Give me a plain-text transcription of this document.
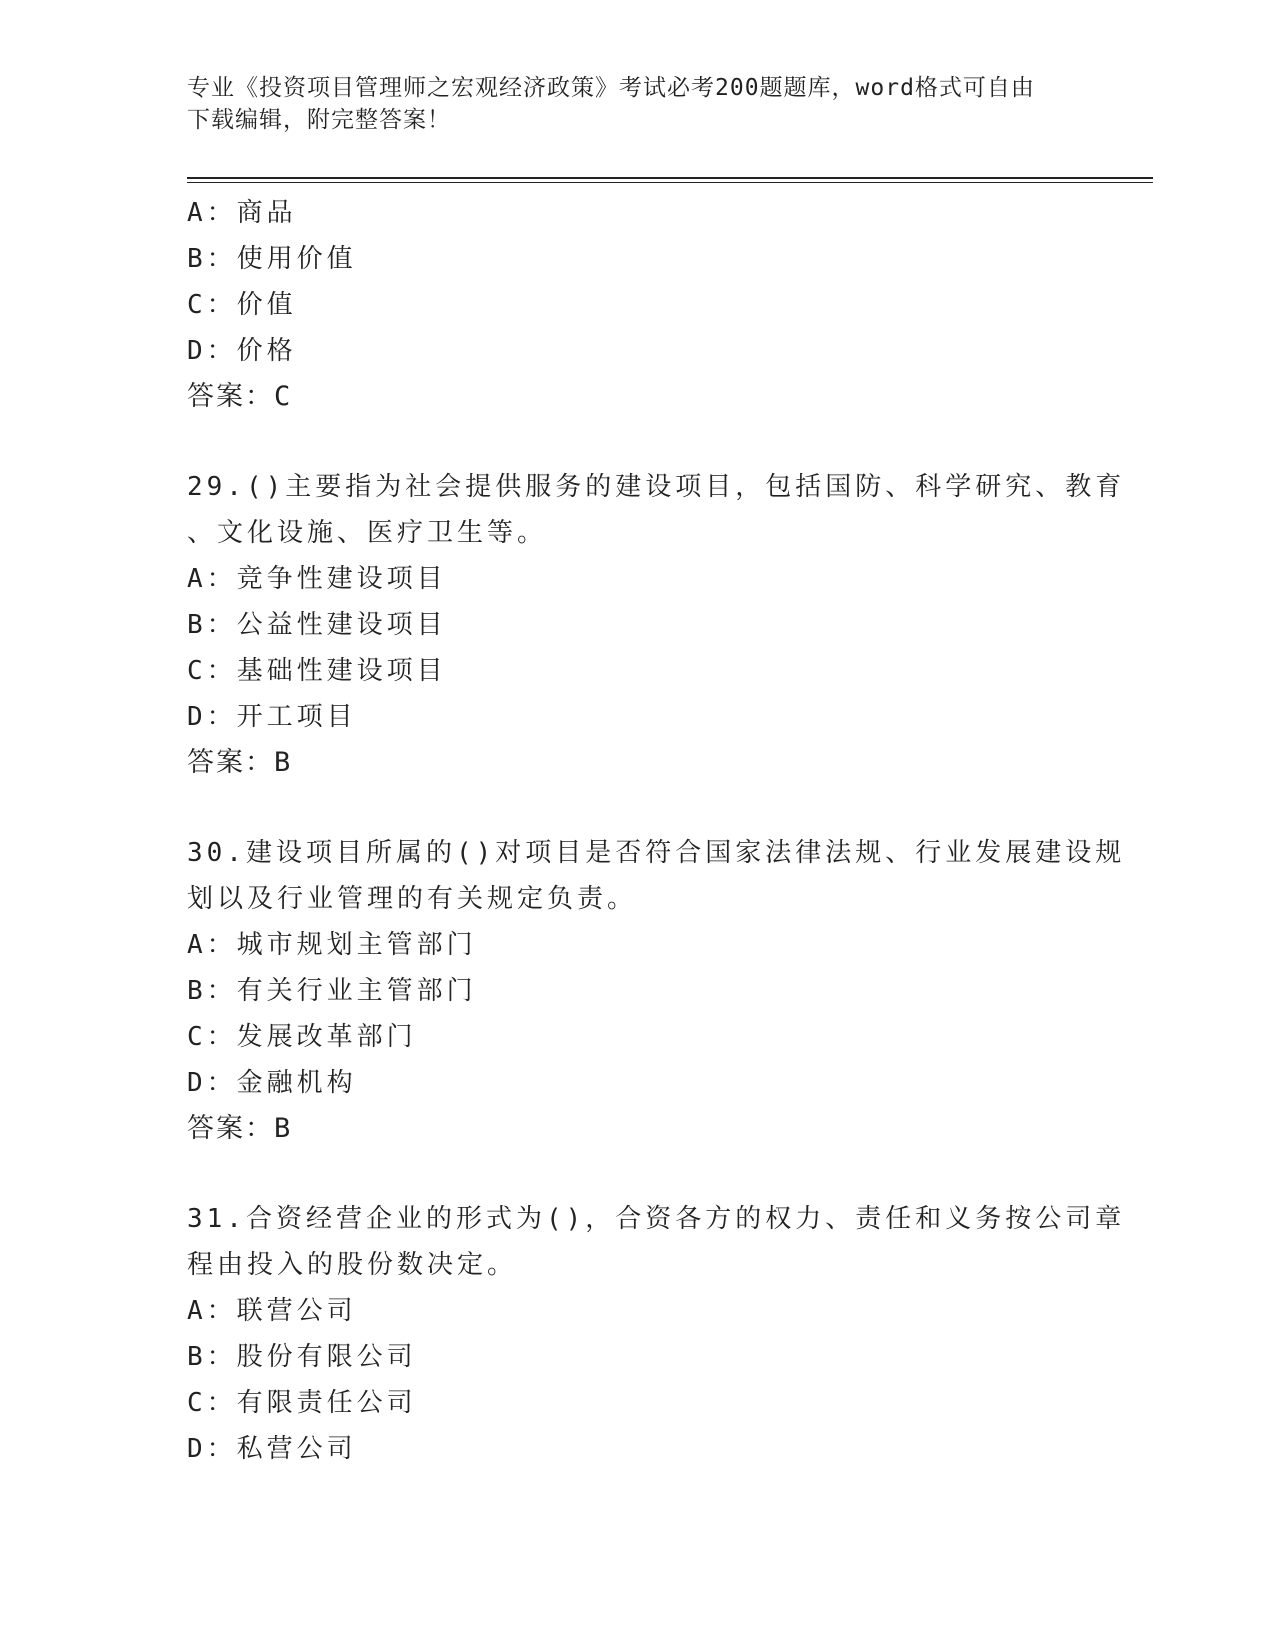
专业《投资项目管理师之宏观经济政策》考试必考200题题库，word格式可自由
下载编辑，附完整答案！
A：商品
B：使用价值
C：价值
D：价格
答案：C
29.()主要指为社会提供服务的建设项目，包括国防、科学研究、教育
、文化设施、医疗卫生等。
A：竞争性建设项目
B：公益性建设项目
C：基础性建设项目
D：开工项目
答案：B
30.建设项目所属的()对项目是否符合国家法律法规、行业发展建设规
划以及行业管理的有关规定负责。
A：城市规划主管部门
B：有关行业主管部门
C：发展改革部门
D：金融机构
答案：B
31.合资经营企业的形式为()，合资各方的权力、责任和义务按公司章
程由投入的股份数决定。
A：联营公司
B：股份有限公司
C：有限责任公司
D：私营公司
